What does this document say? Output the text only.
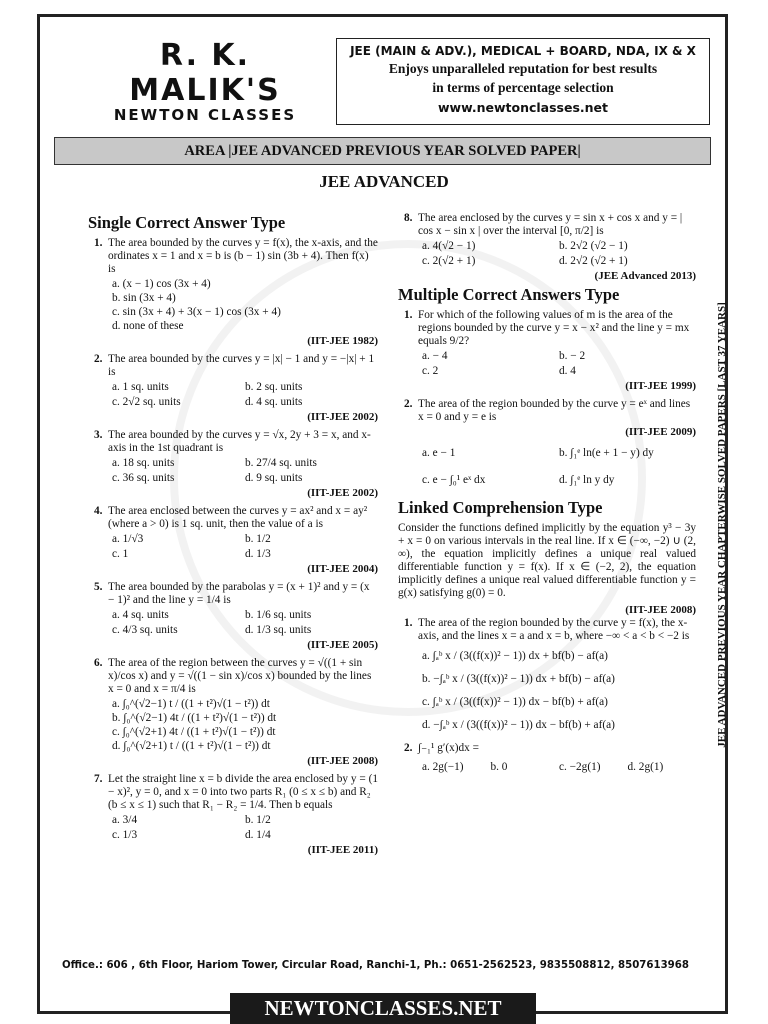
R. K. MALIK'S
NEWTON CLASSES
JEE (MAIN & ADV.), MEDICAL + BOARD, NDA, IX & X
Enjoys unparalleled reputation for best results
in terms of percentage selection
www.newtonclasses.net
AREA |JEE ADVANCED PREVIOUS YEAR SOLVED PAPER|
JEE ADVANCED
Single Correct Answer Type
1. The area bounded by the curves y = f(x), the x-axis, and the ordinates x = 1 and x = b is (b − 1) sin (3b + 4). Then f(x) is
a. (x − 1) cos (3x + 4)
b. sin (3x + 4)
c. sin (3x + 4) + 3(x − 1) cos (3x + 4)
d. none of these
(IIT-JEE 1982)
2. The area bounded by the curves y = |x| − 1 and y = −|x| + 1 is
a. 1 sq. units	b. 2 sq. units
c. 2√2 sq. units	d. 4 sq. units
(IIT-JEE 2002)
3. The area bounded by the curves y = √x, 2y + 3 = x, and x-axis in the 1st quadrant is
a. 18 sq. units	b. 27/4 sq. units
c. 36 sq. units	d. 9 sq. units
(IIT-JEE 2002)
4. The area enclosed between the curves y = ax² and x = ay² (where a > 0) is 1 sq. unit, then the value of a is
a. 1/√3	b. 1/2
c. 1	d. 1/3
(IIT-JEE 2004)
5. The area bounded by the parabolas y = (x + 1)² and y = (x − 1)² and the line y = 1/4 is
a. 4 sq. units	b. 1/6 sq. units
c. 4/3 sq. units	d. 1/3 sq. units
(IIT-JEE 2005)
6. The area of the region between the curves y = √((1 + sin x)/cos x) and y = √((1 − sin x)/cos x) bounded by the lines x = 0 and x = π/4 is
a. ∫₀^(√2−1) t / ((1 + t²)√(1 − t²)) dt
b. ∫₀^(√2−1) 4t / ((1 + t²)√(1 − t²)) dt
c. ∫₀^(√2+1) 4t / ((1 + t²)√(1 − t²)) dt
d. ∫₀^(√2+1) t / ((1 + t²)√(1 − t²)) dt
(IIT-JEE 2008)
7. Let the straight line x = b divide the area enclosed by y = (1 − x)², y = 0, and x = 0 into two parts R₁ (0 ≤ x ≤ b) and R₂ (b ≤ x ≤ 1) such that R₁ − R₂ = 1/4. Then b equals
a. 3/4	b. 1/2
c. 1/3	d. 1/4
(IIT-JEE 2011)
8. The area enclosed by the curves y = sin x + cos x and y = | cos x − sin x | over the interval [0, π/2] is
a. 4(√2 − 1)	b. 2√2 (√2 − 1)
c. 2(√2 + 1)	d. 2√2 (√2 + 1)
(JEE Advanced 2013)
Multiple Correct Answers Type
1. For which of the following values of m is the area of the regions bounded by the curve y = x − x² and the line y = mx equals 9/2?
a. − 4	b. − 2
c. 2	d. 4
(IIT-JEE 1999)
2. The area of the region bounded by the curve y = eˣ and lines x = 0 and y = e is
(IIT-JEE 2009)
a. e − 1	b. ∫₁ᵉ ln(e + 1 − y) dy
c. e − ∫₀¹ eˣ dx	d. ∫₁ᵉ ln y dy
Linked Comprehension Type
Consider the functions defined implicitly by the equation y³ − 3y + x = 0 on various intervals in the real line. If x ∈ (−∞, −2) ∪ (2, ∞), the equation implicitly defines a unique real valued differentiable function y = f(x). If x ∈ (−2, 2), the equation implicitly defines a unique real valued differentiable function y = g(x) satisfying g(0) = 0.
(IIT-JEE 2008)
1. The area of the region bounded by the curve y = f(x), the x-axis, and the lines x = a and x = b, where −∞ < a < b < −2 is
a. ∫ₐᵇ x / (3((f(x))² − 1)) dx + bf(b) − af(a)
b. −∫ₐᵇ x / (3((f(x))² − 1)) dx + bf(b) − af(a)
c. ∫ₐᵇ x / (3((f(x))² − 1)) dx − bf(b) + af(a)
d. −∫ₐᵇ x / (3((f(x))² − 1)) dx − bf(b) + af(a)
2. ∫₋₁¹ g′(x)dx =
a. 2g(−1)	b. 0	c. −2g(1)	d. 2g(1)
JEE ADVANCED PREVIOUS YEAR CHAPTERWISE SOLVED PAPERS [LAST 37 YEARS]
Office.: 606 , 6th Floor, Hariom Tower, Circular Road, Ranchi-1, Ph.: 0651-2562523, 9835508812, 8507613968
NEWTONCLASSES.NET
